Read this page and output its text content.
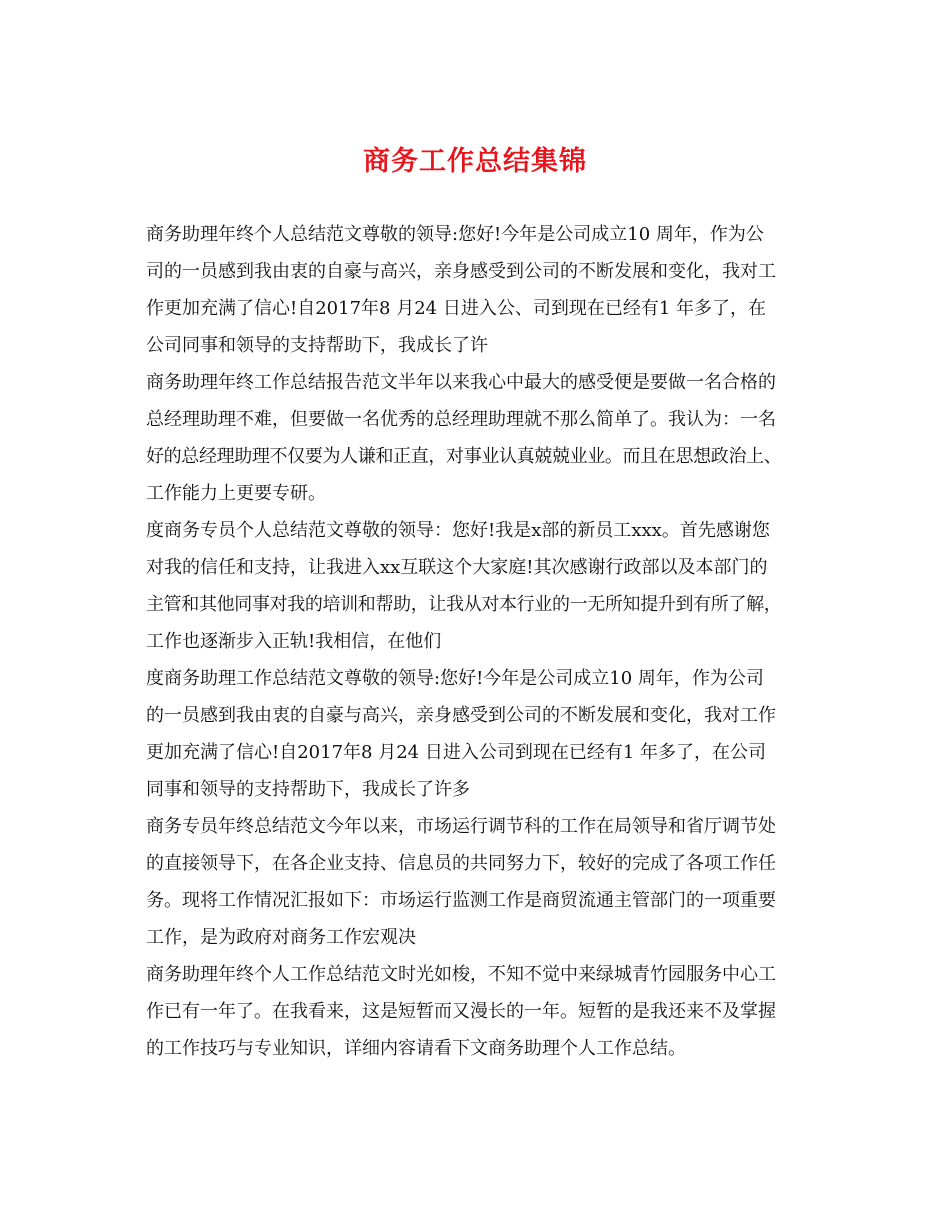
商务工作总结集锦
商务助理年终个人总结范文尊敬的领导:您好!今年是公司成立10 周年，作为公
司的一员感到我由衷的自豪与高兴，亲身感受到公司的不断发展和变化，我对工
作更加充满了信心!自2017年8 月24 日进入公、司到现在已经有1 年多了，在
公司同事和领导的支持帮助下，我成长了许
商务助理年终工作总结报告范文半年以来我心中最大的感受便是要做一名合格的
总经理助理不难，但要做一名优秀的总经理助理就不那么简单了。我认为：一名
好的总经理助理不仅要为人谦和正直，对事业认真兢兢业业。而且在思想政治上、
工作能力上更要专研。
度商务专员个人总结范文尊敬的领导：您好!我是x部的新员工xxx。首先感谢您
对我的信任和支持，让我进入xx互联这个大家庭!其次感谢行政部以及本部门的
主管和其他同事对我的培训和帮助，让我从对本行业的一无所知提升到有所了解，
工作也逐渐步入正轨!我相信，在他们
度商务助理工作总结范文尊敬的领导:您好!今年是公司成立10 周年，作为公司
的一员感到我由衷的自豪与高兴，亲身感受到公司的不断发展和变化，我对工作
更加充满了信心!自2017年8 月24 日进入公司到现在已经有1 年多了，在公司
同事和领导的支持帮助下，我成长了许多
商务专员年终总结范文今年以来，市场运行调节科的工作在局领导和省厅调节处
的直接领导下，在各企业支持、信息员的共同努力下，较好的完成了各项工作任
务。现将工作情况汇报如下：市场运行监测工作是商贸流通主管部门的一项重要
工作，是为政府对商务工作宏观决
商务助理年终个人工作总结范文时光如梭，不知不觉中来绿城青竹园服务中心工
作已有一年了。在我看来，这是短暂而又漫长的一年。短暂的是我还来不及掌握
的工作技巧与专业知识，详细内容请看下文商务助理个人工作总结。
